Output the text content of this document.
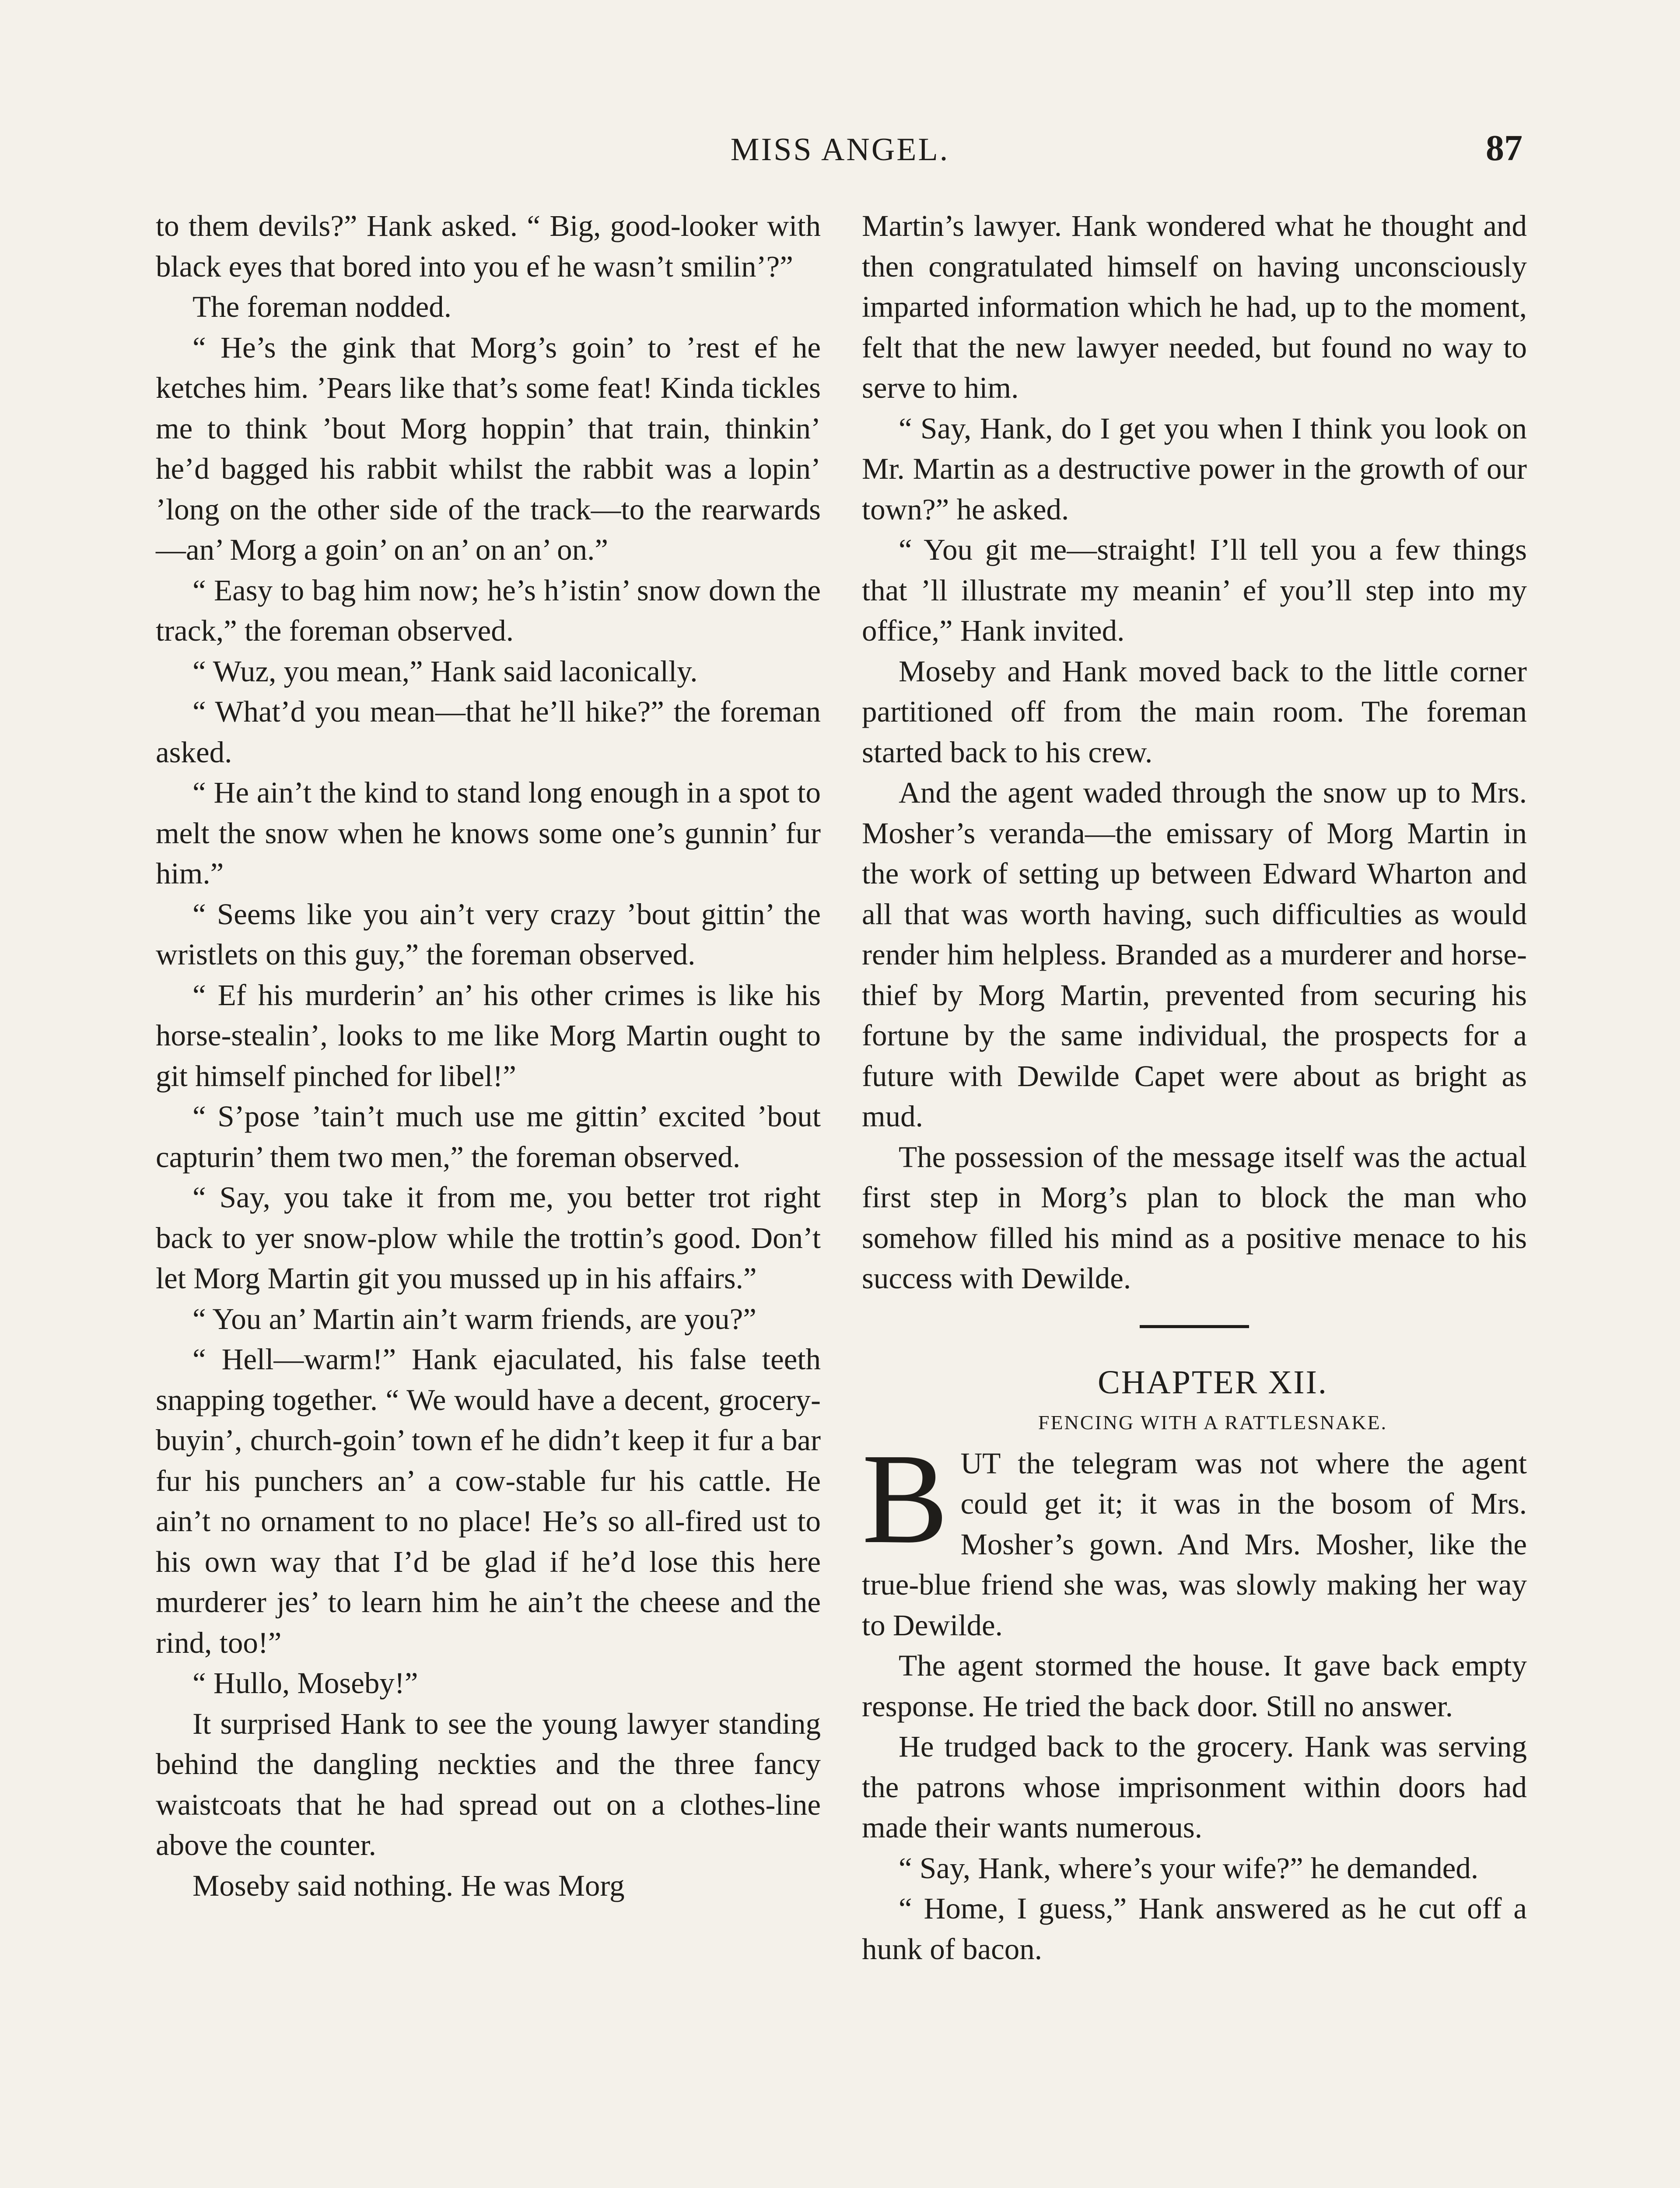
MISS ANGEL.	87

to them devils?” Hank asked. “ Big, good-looker with black eyes that bored into you ef he wasn’t smilin’?”

The foreman nodded.

“ He’s the gink that Morg’s goin’ to ’rest ef he ketches him. ’Pears like that’s some feat! Kinda tickles me to think ’bout Morg hoppin’ that train, thinkin’ he’d bagged his rabbit whilst the rabbit was a lopin’ ’long on the other side of the track—to the rearwards—an’ Morg a goin’ on an’ on an’ on.”

“ Easy to bag him now; he’s h’istin’ snow down the track,” the foreman observed.

“ Wuz, you mean,” Hank said laconically.

“ What’d you mean—that he’ll hike?” the foreman asked.

“ He ain’t the kind to stand long enough in a spot to melt the snow when he knows some one’s gunnin’ fur him.”

“ Seems like you ain’t very crazy ’bout gittin’ the wristlets on this guy,” the foreman observed.

“ Ef his murderin’ an’ his other crimes is like his horse-stealin’, looks to me like Morg Martin ought to git himself pinched for libel!”

“ S’pose ’tain’t much use me gittin’ excited ’bout capturin’ them two men,” the foreman observed.

“ Say, you take it from me, you better trot right back to yer snow-plow while the trottin’s good. Don’t let Morg Martin git you mussed up in his affairs.”

“ You an’ Martin ain’t warm friends, are you?”

“ Hell—warm!” Hank ejaculated, his false teeth snapping together. “ We would have a decent, grocery-buyin’, church-goin’ town ef he didn’t keep it fur a bar fur his punchers an’ a cow-stable fur his cattle. He ain’t no ornament to no place! He’s so all-fired ust to his own way that I’d be glad if he’d lose this here murderer jes’ to learn him he ain’t the cheese and the rind, too!”

“ Hullo, Moseby!”

It surprised Hank to see the young lawyer standing behind the dangling neckties and the three fancy waistcoats that he had spread out on a clothes-line above the counter.

Moseby said nothing. He was Morg

Martin’s lawyer. Hank wondered what he thought and then congratulated himself on having unconsciously imparted information which he had, up to the moment, felt that the new lawyer needed, but found no way to serve to him.

“ Say, Hank, do I get you when I think you look on Mr. Martin as a destructive power in the growth of our town?” he asked.

“ You git me—straight! I’ll tell you a few things that ’ll illustrate my meanin’ ef you’ll step into my office,” Hank invited.

Moseby and Hank moved back to the little corner partitioned off from the main room. The foreman started back to his crew.

And the agent waded through the snow up to Mrs. Mosher’s veranda—the emissary of Morg Martin in the work of setting up between Edward Wharton and all that was worth having, such difficulties as would render him helpless. Branded as a murderer and horse-thief by Morg Martin, prevented from securing his fortune by the same individual, the prospects for a future with Dewilde Capet were about as bright as mud.

The possession of the message itself was the actual first step in Morg’s plan to block the man who somehow filled his mind as a positive menace to his success with Dewilde.

CHAPTER XII.

FENCING WITH A RATTLESNAKE.

BUT the telegram was not where the agent could get it; it was in the bosom of Mrs. Mosher’s gown. And Mrs. Mosher, like the true-blue friend she was, was slowly making her way to Dewilde.

The agent stormed the house. It gave back empty response. He tried the back door. Still no answer.

He trudged back to the grocery. Hank was serving the patrons whose imprisonment within doors had made their wants numerous.

“ Say, Hank, where’s your wife?” he demanded.

“ Home, I guess,” Hank answered as he cut off a hunk of bacon.
